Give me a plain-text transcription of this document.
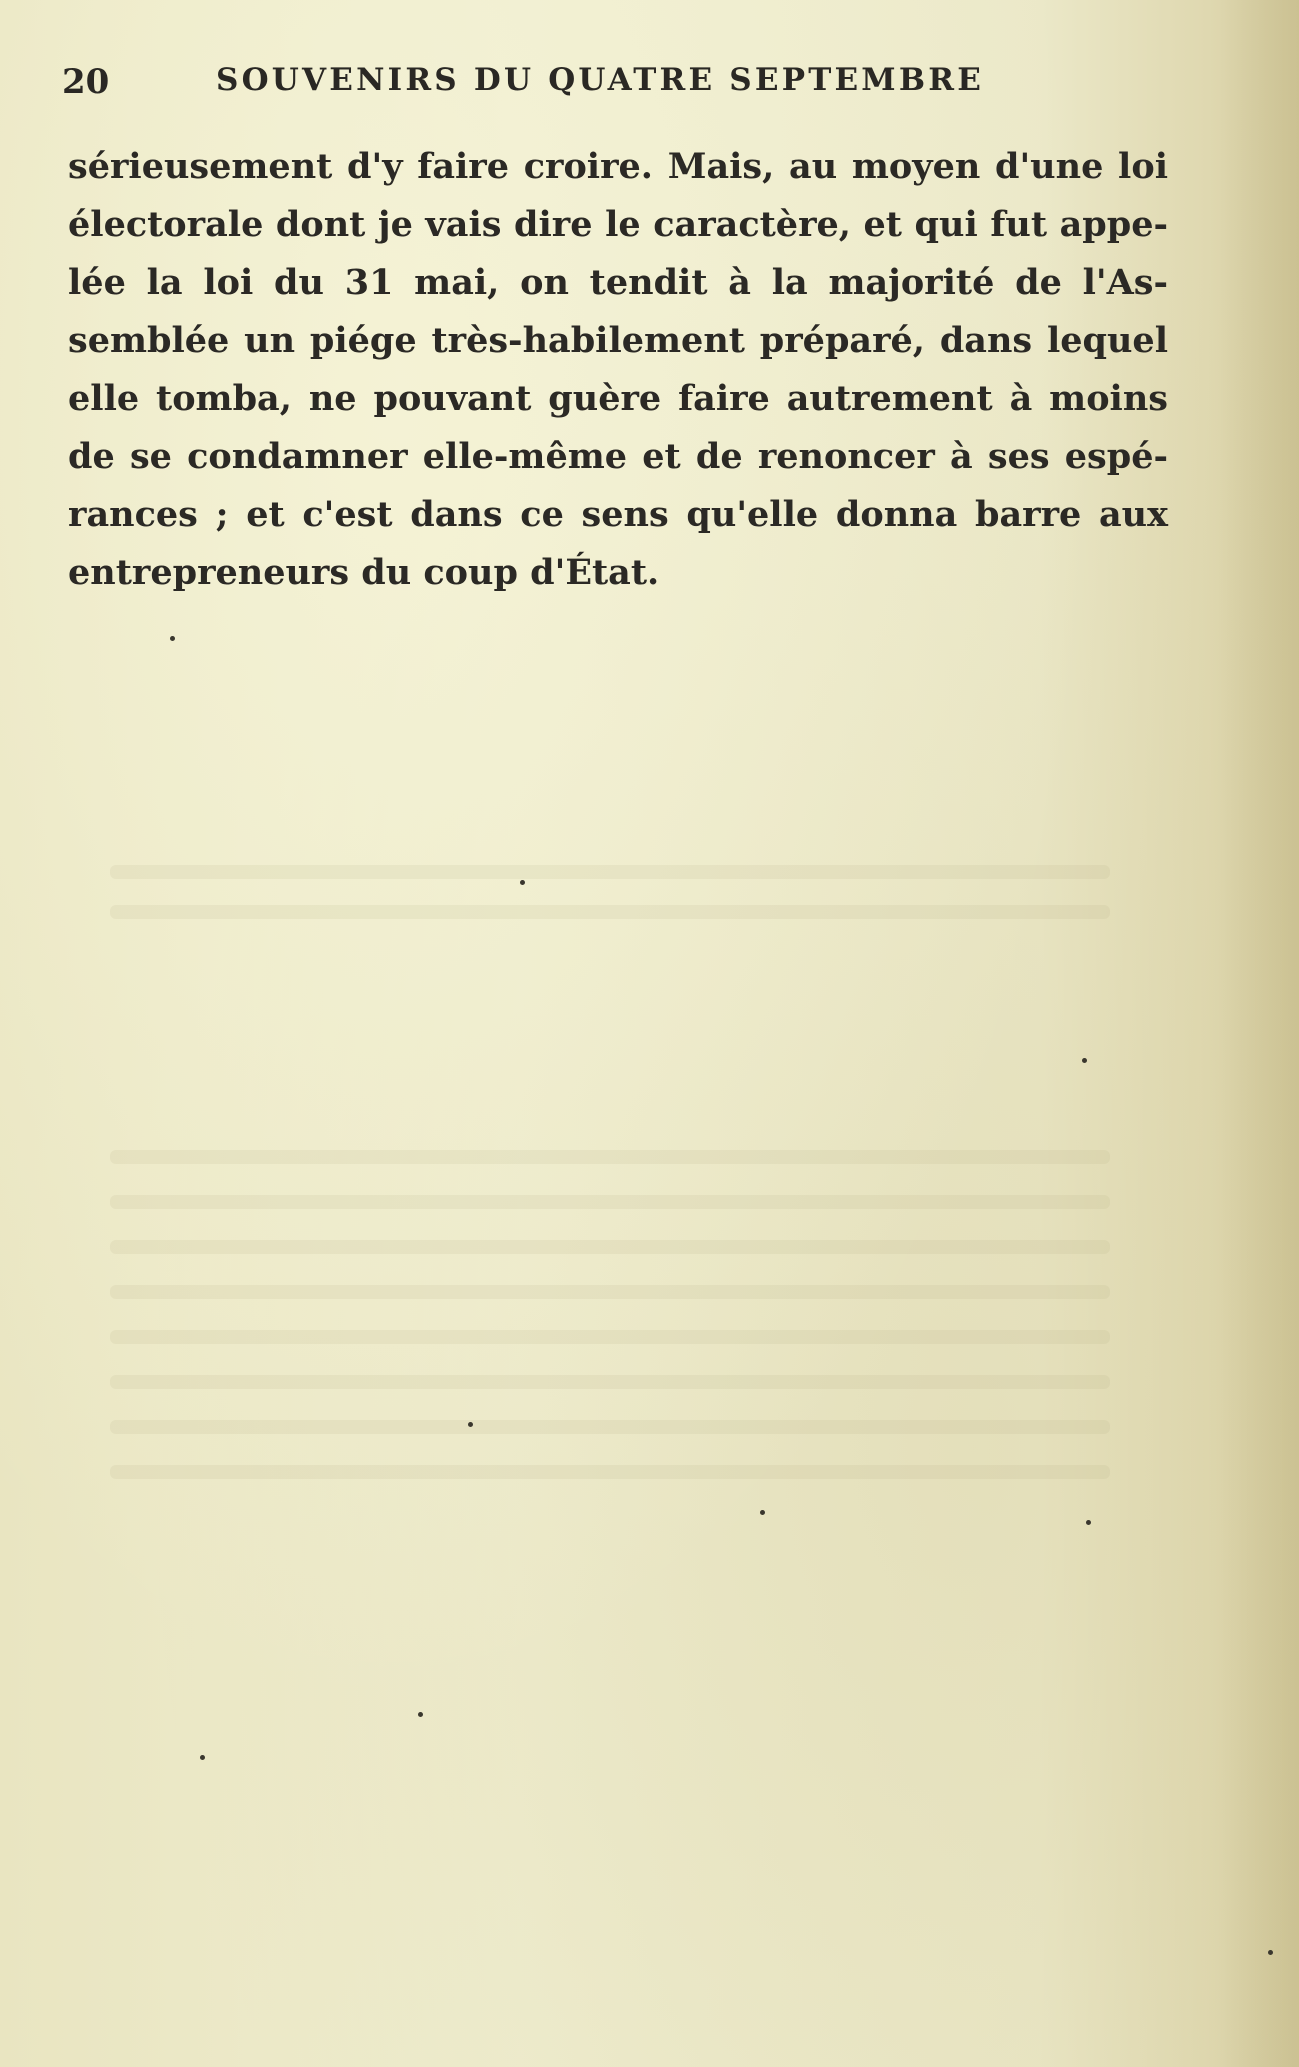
20	SOUVENIRS DU QUATRE SEPTEMBRE
sérieusement d'y faire croire. Mais, au moyen d'une loi
électorale dont je vais dire le caractère, et qui fut appe-
lée la loi du 31 mai, on tendit à la majorité de l'As-
semblée un piége très-habilement préparé, dans lequel
elle tomba, ne pouvant guère faire autrement à moins
de se condamner elle-même et de renoncer à ses espé-
rances ; et c'est dans ce sens qu'elle donna barre aux
entrepreneurs du coup d'État.
